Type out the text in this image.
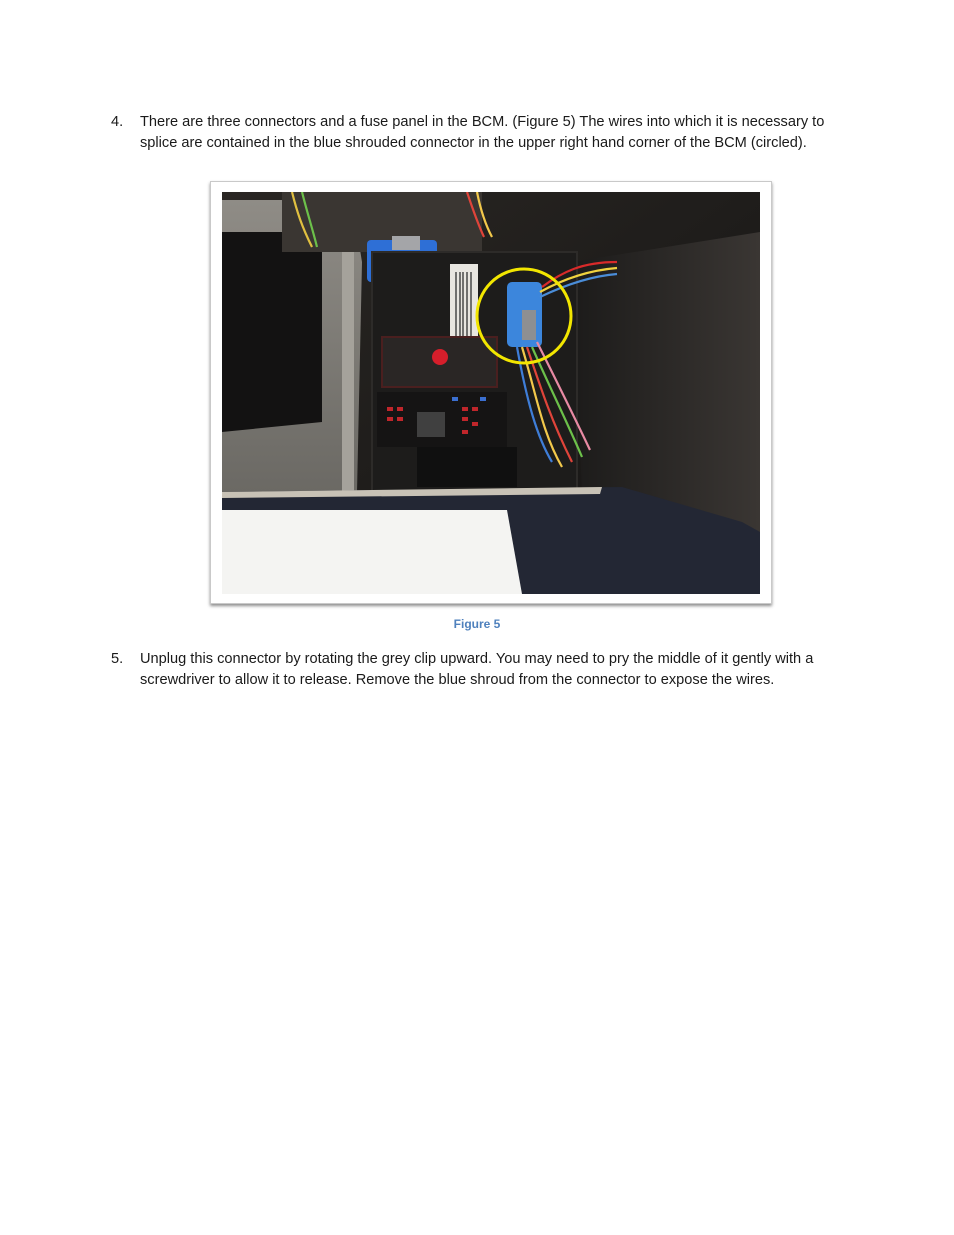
4.	There are three connectors and a fuse panel in the BCM. (Figure 5) The wires into which it is necessary to splice are contained in the blue shrouded connector in the upper right hand corner of the BCM (circled).
Figure 5
5.	Unplug this connector by rotating the grey clip upward. You may need to pry the middle of it gently with a screwdriver to allow it to release. Remove the blue shroud from the connector to expose the wires.
